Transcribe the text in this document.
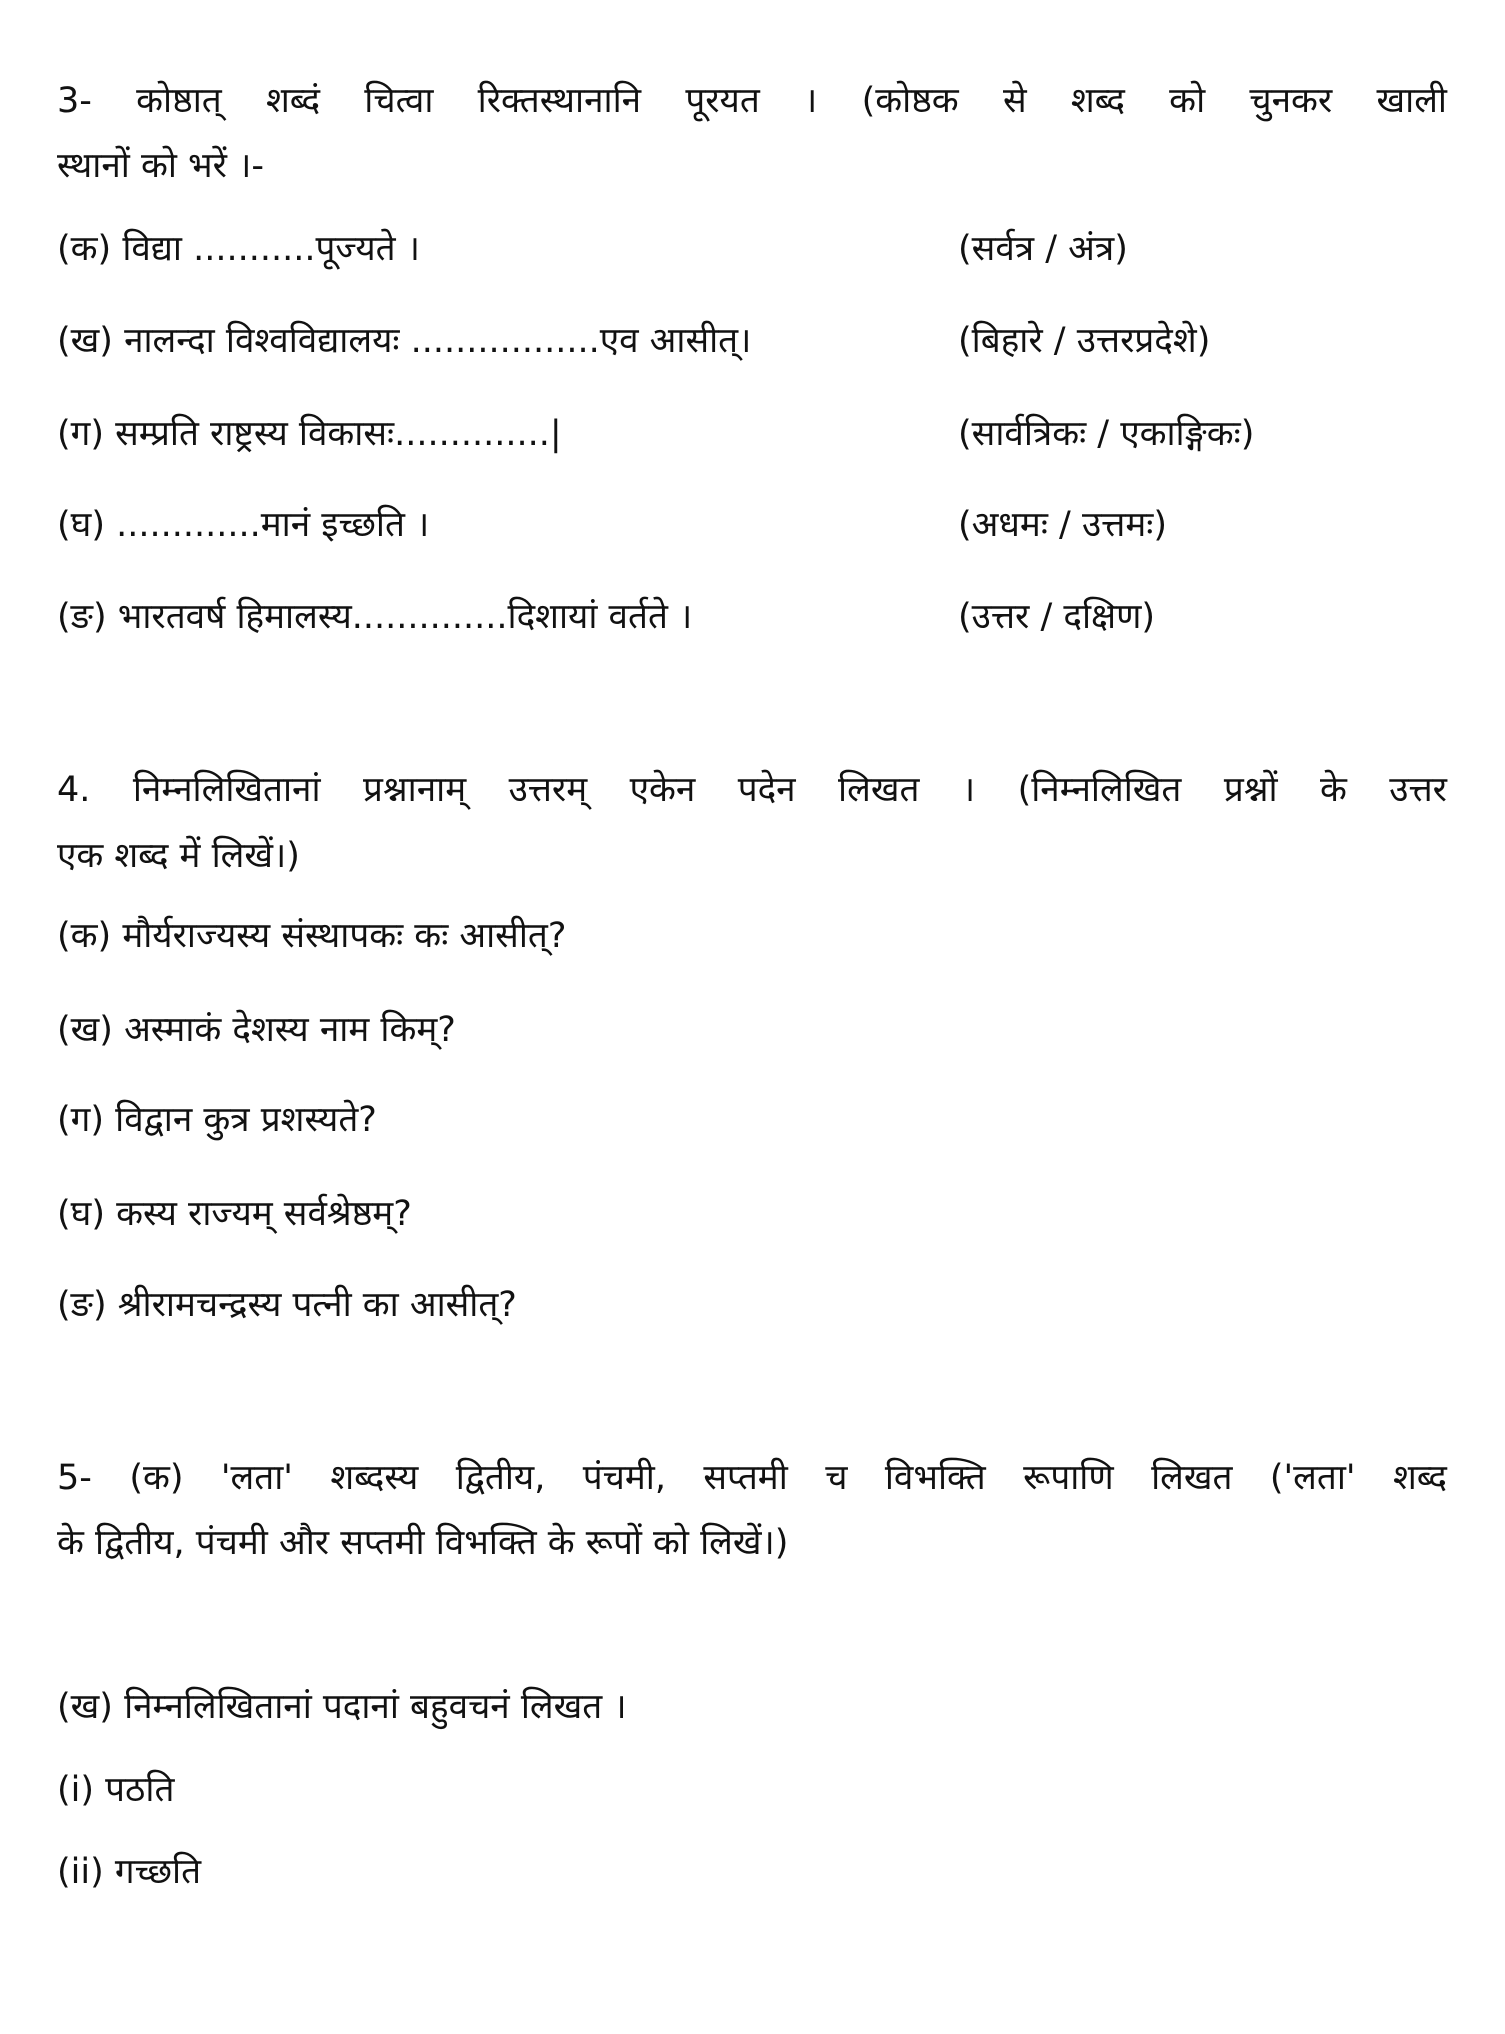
3- कोष्ठात् शब्दं चित्वा रिक्तस्थानानि पूरयत । (कोष्ठक से शब्द को चुनकर खाली
स्थानों को भरें ।-
(क) विद्या ...........पूज्यते ।	(सर्वत्र / अंत्र)
(ख) नालन्दा विश्वविद्यालयः .................एव आसीत्।	(बिहारे / उत्तरप्रदेशे)
(ग) सम्प्रति राष्ट्रस्य विकासः..............|	(सार्वत्रिकः / एकाङ्गिकः)
(घ) .............मानं इच्छति ।	(अधमः / उत्तमः)
(ङ) भारतवर्ष हिमालस्य..............दिशायां वर्तते ।	(उत्तर / दक्षिण)
4. निम्नलिखितानां प्रश्नानाम् उत्तरम् एकेन पदेन लिखत । (निम्नलिखित प्रश्नों के उत्तर
एक शब्द में लिखें।)
(क) मौर्यराज्यस्य संस्थापकः कः आसीत्?
(ख) अस्माकं देशस्य नाम किम्?
(ग) विद्वान कुत्र प्रशस्यते?
(घ) कस्य राज्यम् सर्वश्रेष्ठम्?
(ङ) श्रीरामचन्द्रस्य पत्नी का आसीत्?
5- (क) 'लता' शब्दस्य द्वितीय, पंचमी, सप्तमी च विभक्ति रूपाणि लिखत ('लता' शब्द
के द्वितीय, पंचमी और सप्तमी विभक्ति के रूपों को लिखें।)
(ख) निम्नलिखितानां पदानां बहुवचनं लिखत ।
(i) पठति
(ii) गच्छति
